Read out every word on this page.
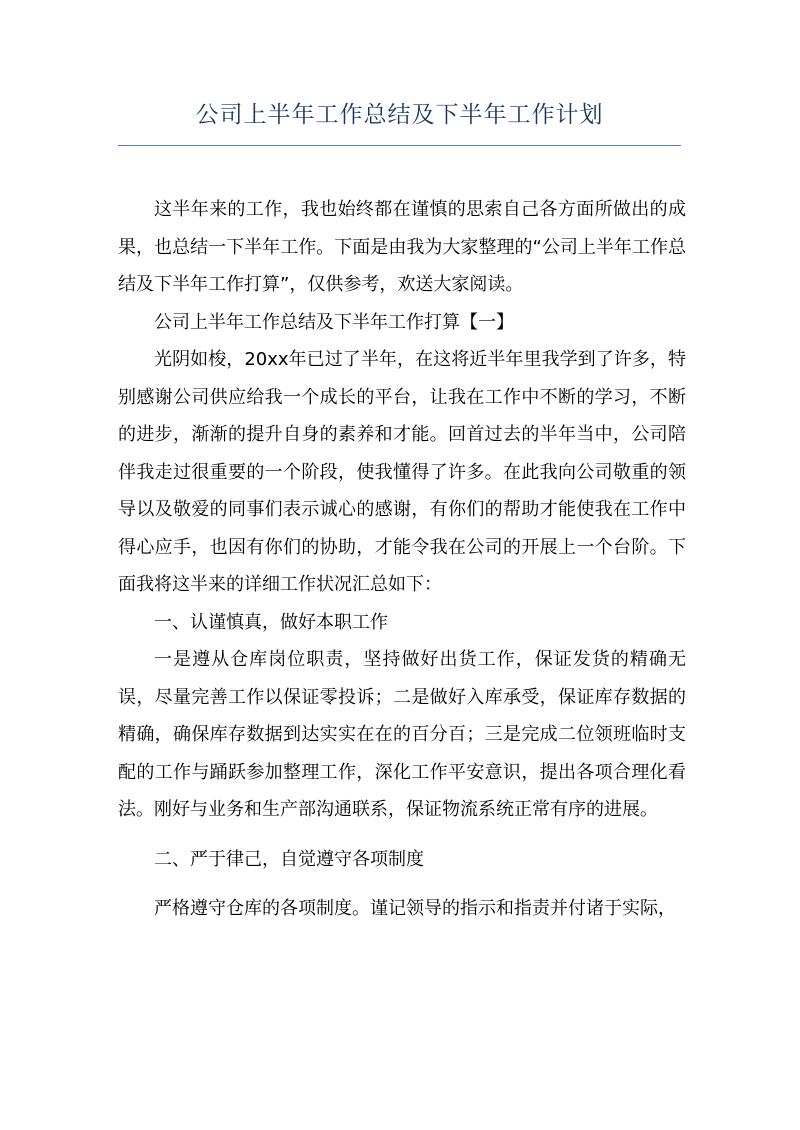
公司上半年工作总结及下半年工作计划

这半年来的工作，我也始终都在谨慎的思索自己各方面所做出的成果，也总结一下半年工作。下面是由我为大家整理的“公司上半年工作总结及下半年工作打算”，仅供参考，欢送大家阅读。

公司上半年工作总结及下半年工作打算【一】

光阴如梭，20xx年已过了半年，在这将近半年里我学到了许多，特别感谢公司供应给我一个成长的平台，让我在工作中不断的学习，不断的进步，渐渐的提升自身的素养和才能。回首过去的半年当中，公司陪伴我走过很重要的一个阶段，使我懂得了许多。在此我向公司敬重的领导以及敬爱的同事们表示诚心的感谢，有你们的帮助才能使我在工作中得心应手，也因有你们的协助，才能令我在公司的开展上一个台阶。下面我将这半来的详细工作状况汇总如下：

一、认谨慎真，做好本职工作

一是遵从仓库岗位职责，坚持做好出货工作，保证发货的精确无误，尽量完善工作以保证零投诉；二是做好入库承受，保证库存数据的精确，确保库存数据到达实实在在的百分百；三是完成二位领班临时支配的工作与踊跃参加整理工作，深化工作平安意识，提出各项合理化看法。刚好与业务和生产部沟通联系，保证物流系统正常有序的进展。

二、严于律己，自觉遵守各项制度

严格遵守仓库的各项制度。谨记领导的指示和指责并付诸于实际，
